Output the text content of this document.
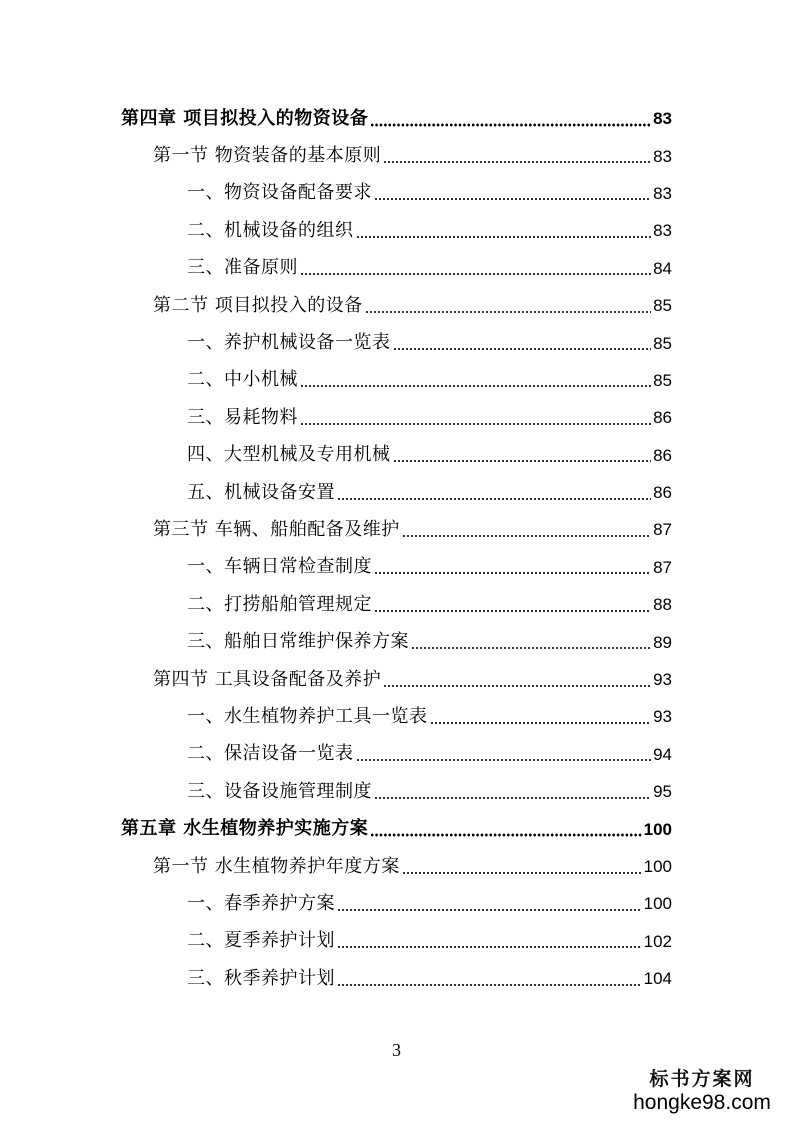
第四章 项目拟投入的物资设备	83
第一节 物资装备的基本原则	83
一、物资设备配备要求	83
二、机械设备的组织	83
三、准备原则	84
第二节 项目拟投入的设备	85
一、养护机械设备一览表	85
二、中小机械	85
三、易耗物料	86
四、大型机械及专用机械	86
五、机械设备安置	86
第三节 车辆、船舶配备及维护	87
一、车辆日常检查制度	87
二、打捞船舶管理规定	88
三、船舶日常维护保养方案	89
第四节 工具设备配备及养护	93
一、水生植物养护工具一览表	93
二、保洁设备一览表	94
三、设备设施管理制度	95
第五章 水生植物养护实施方案	100
第一节 水生植物养护年度方案	100
一、春季养护方案	100
二、夏季养护计划	102
三、秋季养护计划	104
3
标书方案网
hongke98.com
